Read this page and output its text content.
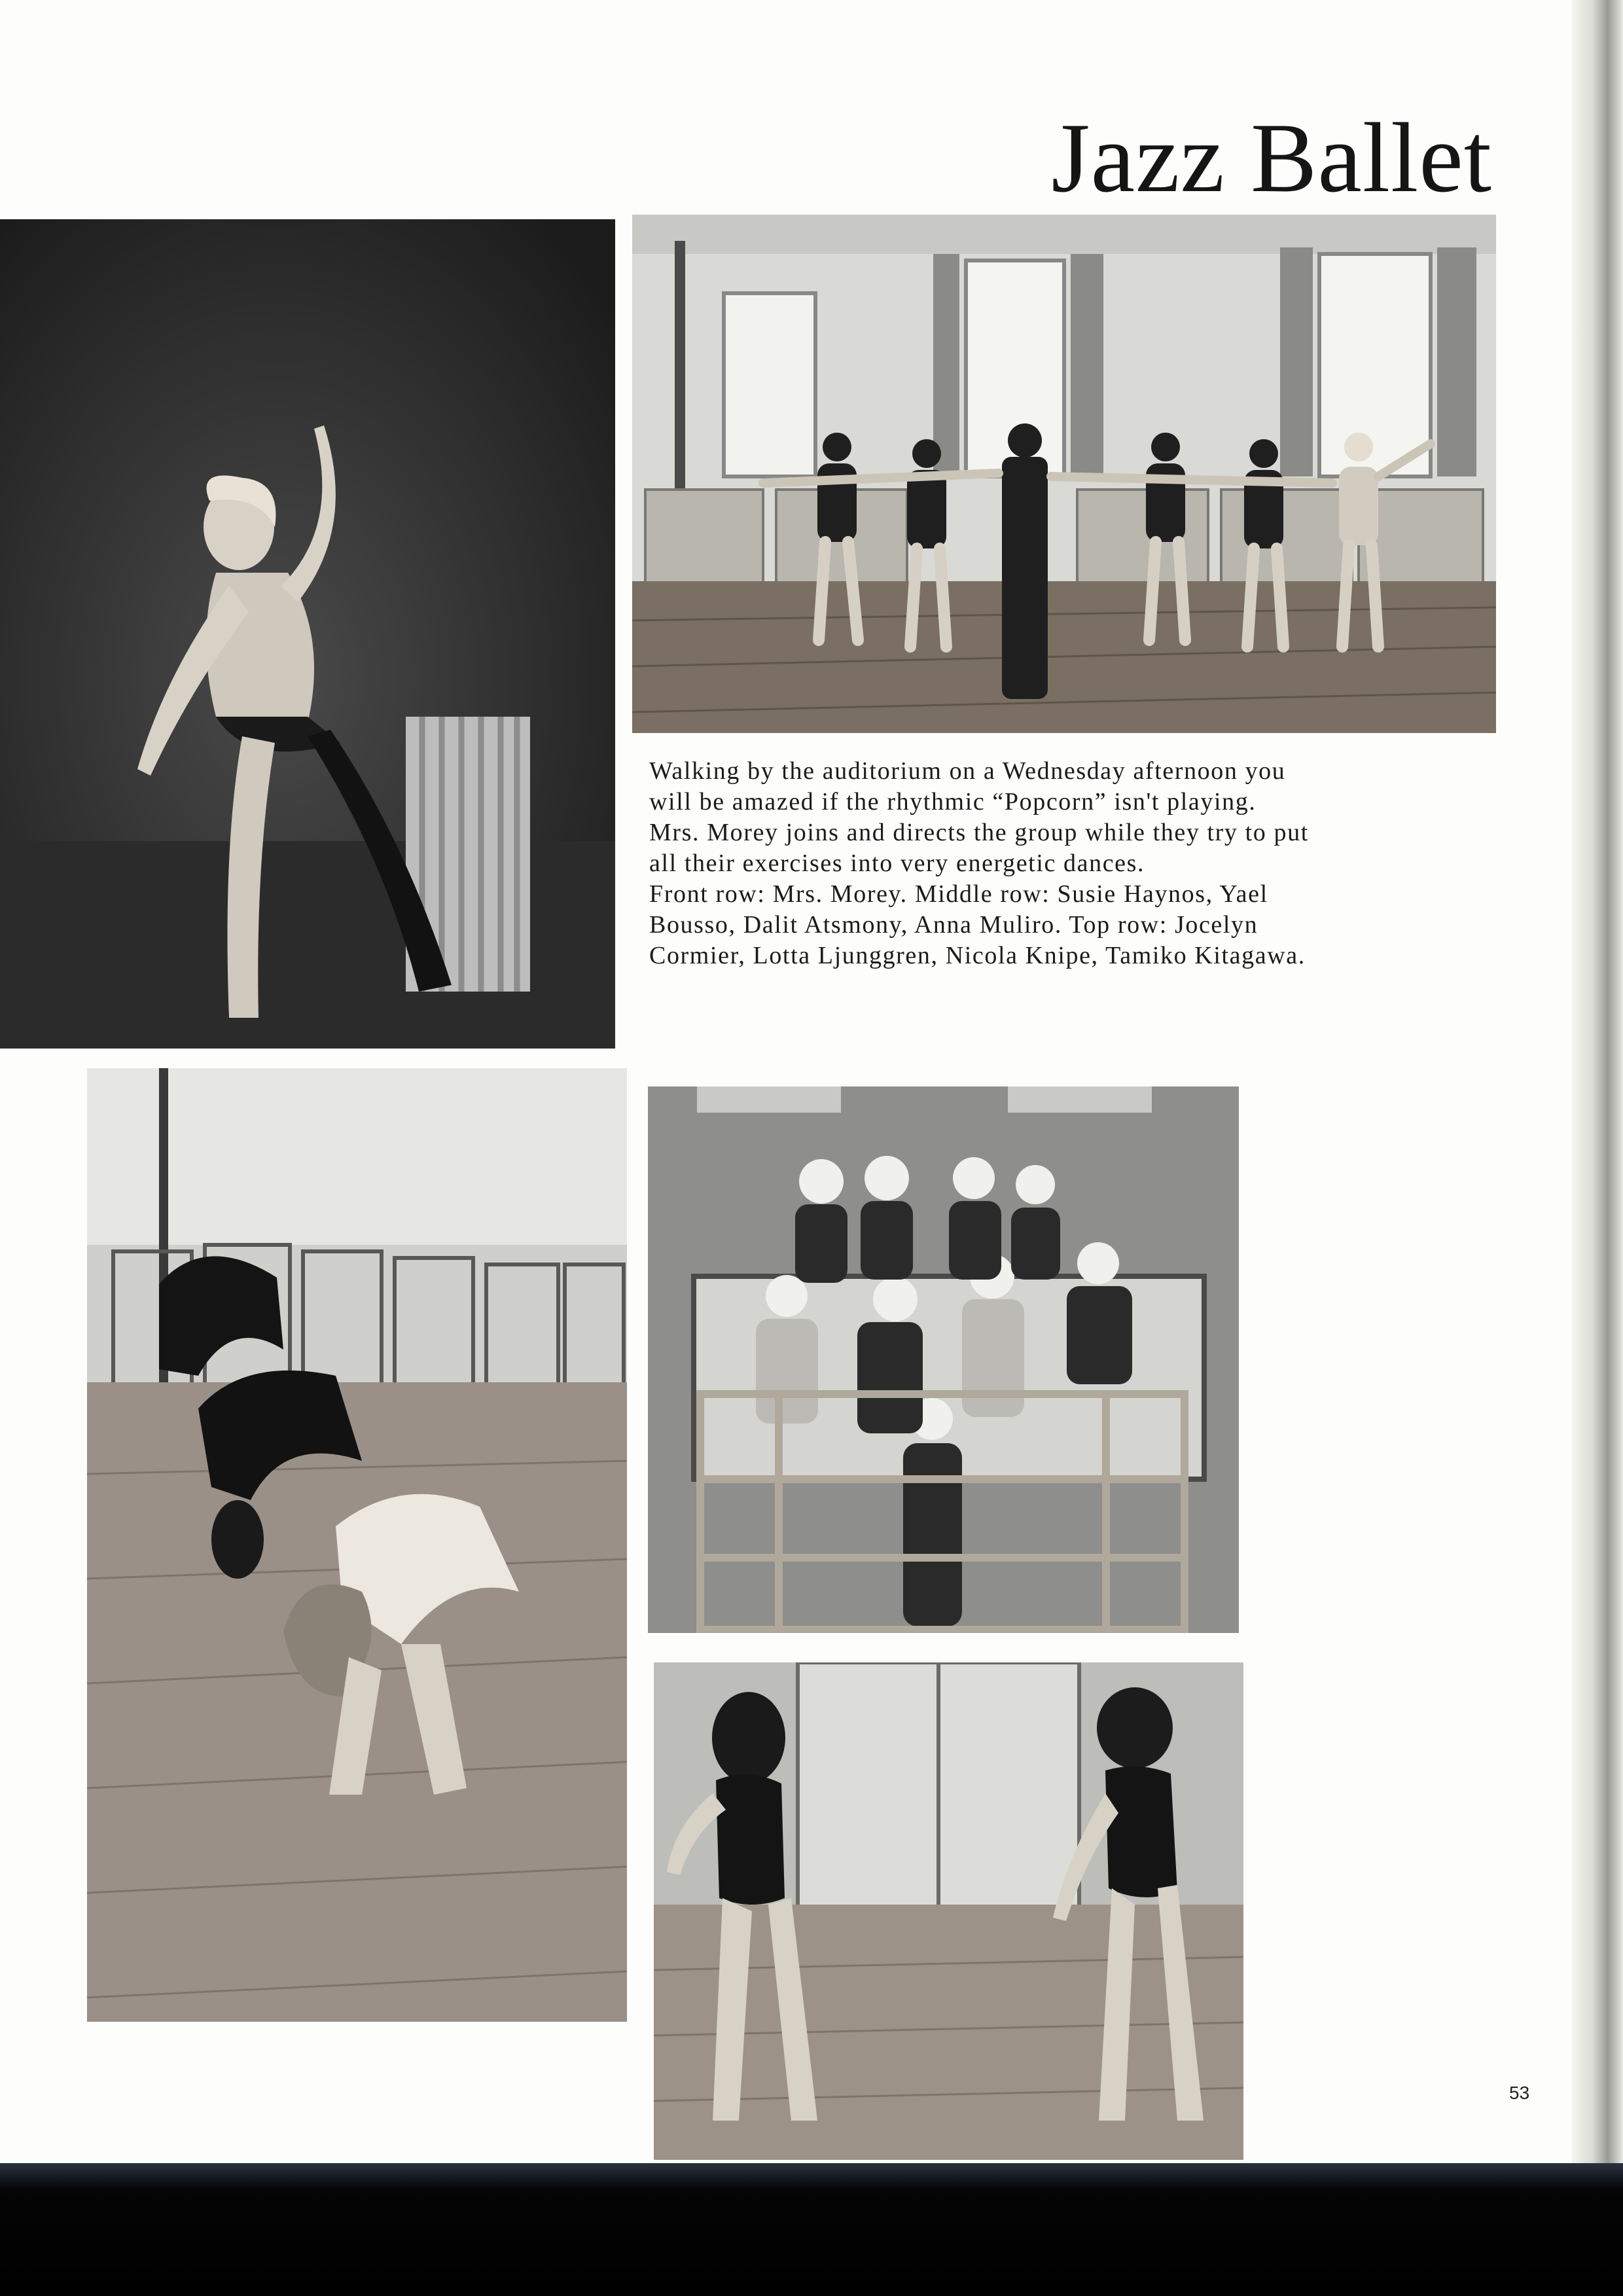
Jazz Ballet

Walking by the auditorium on a Wednesday afternoon you will be amazed if the rhythmic “Popcorn” isn't playing. Mrs. Morey joins and directs the group while they try to put all their exercises into very energetic dances.

Front row: Mrs. Morey. Middle row: Susie Haynos, Yael Bousso, Dalit Atsmony, Anna Muliro. Top row: Jocelyn Cormier, Lotta Ljunggren, Nicola Knipe, Tamiko Kitagawa.

53
